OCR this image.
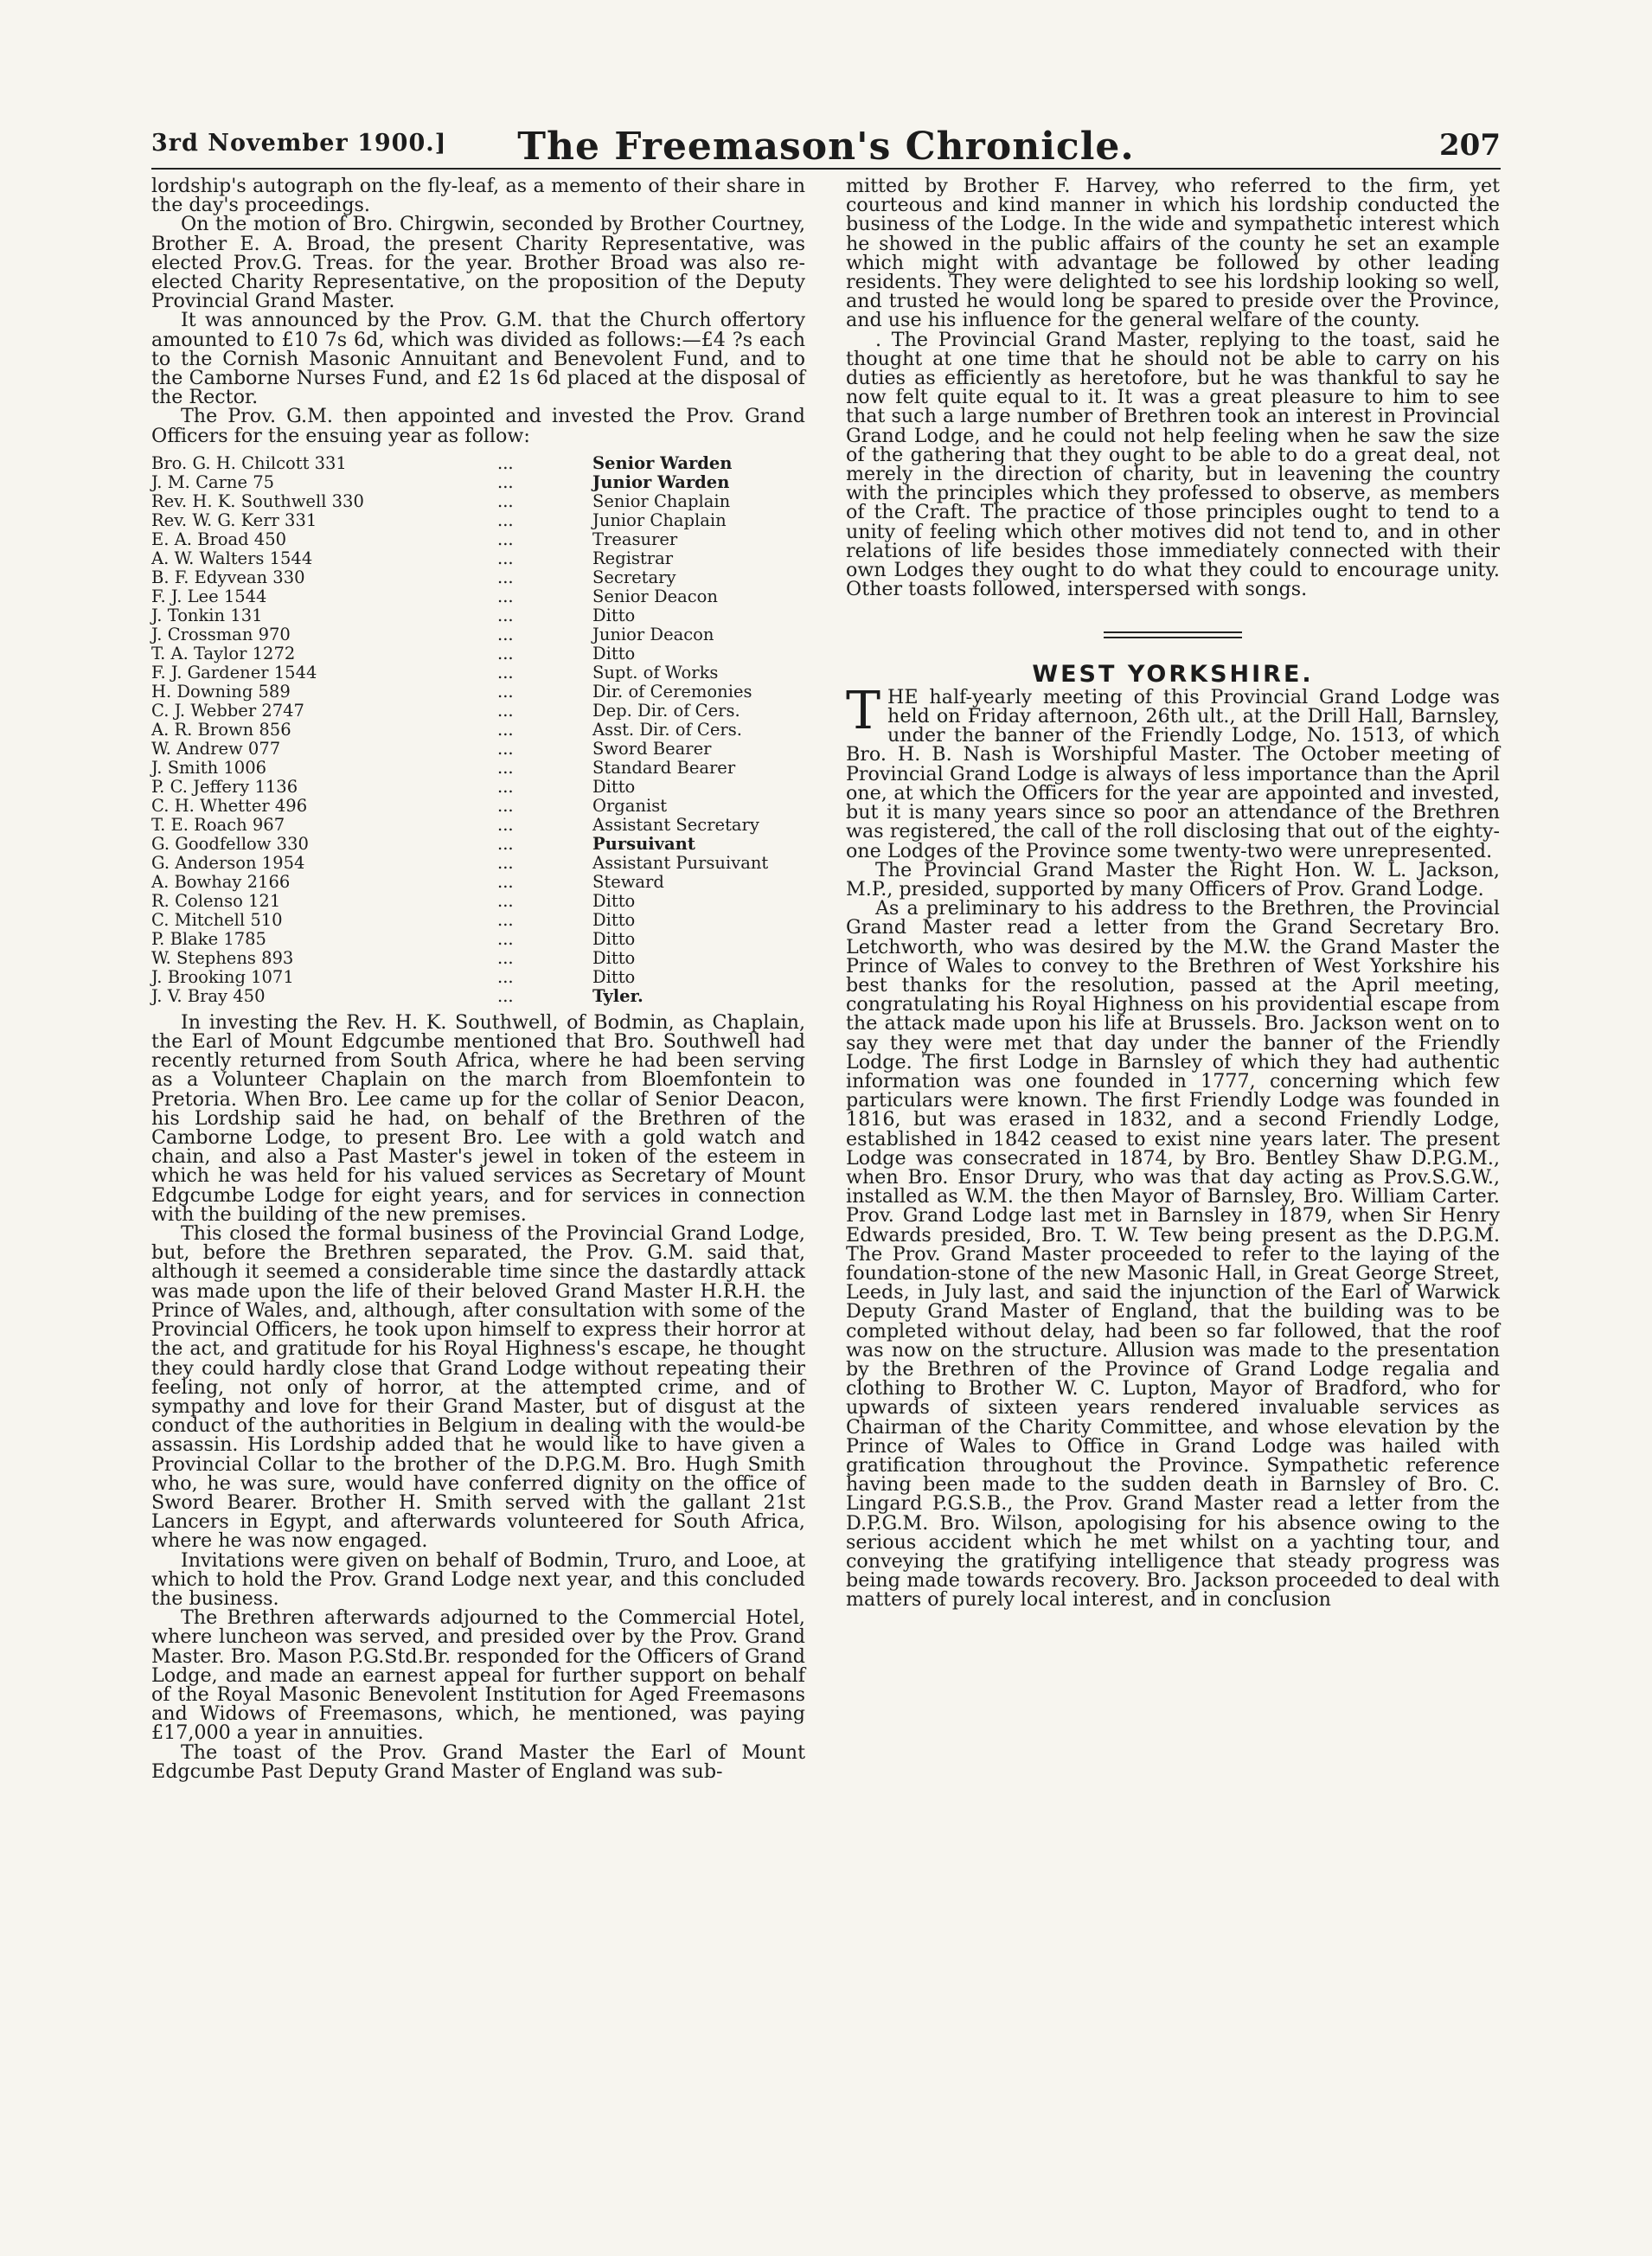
3rd November 1900.]	The Freemason's Chronicle.	207

lordship's autograph on the fly-leaf, as a memento of their share in the day's proceedings.

On the motion of Bro. Chirgwin, seconded by Brother Courtney, Brother E. A. Broad, the present Charity Representative, was elected Prov.G. Treas. for the year. Brother Broad was also re-elected Charity Representative, on the proposition of the Deputy Provincial Grand Master.

It was announced by the Prov. G.M. that the Church offertory amounted to £10 7s 6d, which was divided as follows:—£4 ?s each to the Cornish Masonic Annuitant and Benevolent Fund, and to the Camborne Nurses Fund, and £2 1s 6d placed at the disposal of the Rector.

The Prov. G.M. then appointed and invested the Prov. Grand Officers for the ensuing year as follow:

Bro. G. H. Chilcott 331	...	Senior Warden
J. M. Carne 75	...	Junior Warden
Rev. H. K. Southwell 330	...	Senior Chaplain
Rev. W. G. Kerr 331	...	Junior Chaplain
E. A. Broad 450	...	Treasurer
A. W. Walters 1544	...	Registrar
B. F. Edyvean 330	...	Secretary
F. J. Lee 1544	...	Senior Deacon
J. Tonkin 131	...	Ditto
J. Crossman 970	...	Junior Deacon
T. A. Taylor 1272	...	Ditto
F. J. Gardener 1544	...	Supt. of Works
H. Downing 589	...	Dir. of Ceremonies
C. J. Webber 2747	...	Dep. Dir. of Cers.
A. R. Brown 856	...	Asst. Dir. of Cers.
W. Andrew 077	...	Sword Bearer
J. Smith 1006	...	Standard Bearer
P. C. Jeffery 1136	...	Ditto
C. H. Whetter 496	...	Organist
T. E. Roach 967	...	Assistant Secretary
G. Goodfellow 330	...	Pursuivant
G. Anderson 1954	...	Assistant Pursuivant
A. Bowhay 2166	...	Steward
R. Colenso 121	...	Ditto
C. Mitchell 510	...	Ditto
P. Blake 1785	...	Ditto
W. Stephens 893	...	Ditto
J. Brooking 1071	...	Ditto
J. V. Bray 450	...	Tyler.

In investing the Rev. H. K. Southwell, of Bodmin, as Chaplain, the Earl of Mount Edgcumbe mentioned that Bro. Southwell had recently returned from South Africa, where he had been serving as a Volunteer Chaplain on the march from Bloemfontein to Pretoria. When Bro. Lee came up for the collar of Senior Deacon, his Lordship said he had, on behalf of the Brethren of the Camborne Lodge, to present Bro. Lee with a gold watch and chain, and also a Past Master's jewel in token of the esteem in which he was held for his valued services as Secretary of Mount Edgcumbe Lodge for eight years, and for services in connection with the building of the new premises.

This closed the formal business of the Provincial Grand Lodge, but, before the Brethren separated, the Prov. G.M. said that, although it seemed a considerable time since the dastardly attack was made upon the life of their beloved Grand Master H.R.H. the Prince of Wales, and, although, after consultation with some of the Provincial Officers, he took upon himself to express their horror at the act, and gratitude for his Royal Highness's escape, he thought they could hardly close that Grand Lodge without repeating their feeling, not only of horror, at the attempted crime, and of sympathy and love for their Grand Master, but of disgust at the conduct of the authorities in Belgium in dealing with the would-be assassin. His Lordship added that he would like to have given a Provincial Collar to the brother of the D.P.G.M. Bro. Hugh Smith who, he was sure, would have conferred dignity on the office of Sword Bearer. Brother H. Smith served with the gallant 21st Lancers in Egypt, and afterwards volunteered for South Africa, where he was now engaged.

Invitations were given on behalf of Bodmin, Truro, and Looe, at which to hold the Prov. Grand Lodge next year, and this concluded the business.

The Brethren afterwards adjourned to the Commercial Hotel, where luncheon was served, and presided over by the Prov. Grand Master. Bro. Mason P.G.Std.Br. responded for the Officers of Grand Lodge, and made an earnest appeal for further support on behalf of the Royal Masonic Benevolent Institution for Aged Freemasons and Widows of Freemasons, which, he mentioned, was paying £17,000 a year in annuities.

The toast of the Prov. Grand Master the Earl of Mount Edgcumbe Past Deputy Grand Master of England was sub-

mitted by Brother F. Harvey, who referred to the firm, yet courteous and kind manner in which his lordship conducted the business of the Lodge. In the wide and sympathetic interest which he showed in the public affairs of the county he set an example which might with advantage be followed by other leading residents. They were delighted to see his lordship looking so well, and trusted he would long be spared to preside over the Province, and use his influence for the general welfare of the county.

. The Provincial Grand Master, replying to the toast, said he thought at one time that he should not be able to carry on his duties as efficiently as heretofore, but he was thankful to say he now felt quite equal to it. It was a great pleasure to him to see that such a large number of Brethren took an interest in Provincial Grand Lodge, and he could not help feeling when he saw the size of the gathering that they ought to be able to do a great deal, not merely in the direction of charity, but in leavening the country with the principles which they professed to observe, as members of the Craft. The practice of those principles ought to tend to a unity of feeling which other motives did not tend to, and in other relations of life besides those immediately connected with their own Lodges they ought to do what they could to encourage unity. Other toasts followed, interspersed with songs.

WEST YORKSHIRE.

THE half-yearly meeting of this Provincial Grand Lodge was held on Friday afternoon, 26th ult., at the Drill Hall, Barnsley, under the banner of the Friendly Lodge, No. 1513, of which Bro. H. B. Nash is Worshipful Master. The October meeting of Provincial Grand Lodge is always of less importance than the April one, at which the Officers for the year are appointed and invested, but it is many years since so poor an attendance of the Brethren was registered, the call of the roll disclosing that out of the eighty-one Lodges of the Province some twenty-two were unrepresented.

The Provincial Grand Master the Right Hon. W. L. Jackson, M.P., presided, supported by many Officers of Prov. Grand Lodge.

As a preliminary to his address to the Brethren, the Provincial Grand Master read a letter from the Grand Secretary Bro. Letchworth, who was desired by the M.W. the Grand Master the Prince of Wales to convey to the Brethren of West Yorkshire his best thanks for the resolution, passed at the April meeting, congratulating his Royal Highness on his providential escape from the attack made upon his life at Brussels. Bro. Jackson went on to say they were met that day under the banner of the Friendly Lodge. The first Lodge in Barnsley of which they had authentic information was one founded in 1777, concerning which few particulars were known. The first Friendly Lodge was founded in 1816, but was erased in 1832, and a second Friendly Lodge, established in 1842 ceased to exist nine years later. The present Lodge was consecrated in 1874, by Bro. Bentley Shaw D.P.G.M., when Bro. Ensor Drury, who was that day acting as Prov.S.G.W., installed as W.M. the then Mayor of Barnsley, Bro. William Carter. Prov. Grand Lodge last met in Barnsley in 1879, when Sir Henry Edwards presided, Bro. T. W. Tew being present as the D.P.G.M. The Prov. Grand Master proceeded to refer to the laying of the foundation-stone of the new Masonic Hall, in Great George Street, Leeds, in July last, and said the injunction of the Earl of Warwick Deputy Grand Master of England, that the building was to be completed without delay, had been so far followed, that the roof was now on the structure. Allusion was made to the presentation by the Brethren of the Province of Grand Lodge regalia and clothing to Brother W. C. Lupton, Mayor of Bradford, who for upwards of sixteen years rendered invaluable services as Chairman of the Charity Committee, and whose elevation by the Prince of Wales to Office in Grand Lodge was hailed with gratification throughout the Province. Sympathetic reference having been made to the sudden death in Barnsley of Bro. C. Lingard P.G.S.B., the Prov. Grand Master read a letter from the D.P.G.M. Bro. Wilson, apologising for his absence owing to the serious accident which he met whilst on a yachting tour, and conveying the gratifying intelligence that steady progress was being made towards recovery. Bro. Jackson proceeded to deal with matters of purely local interest, and in conclusion
